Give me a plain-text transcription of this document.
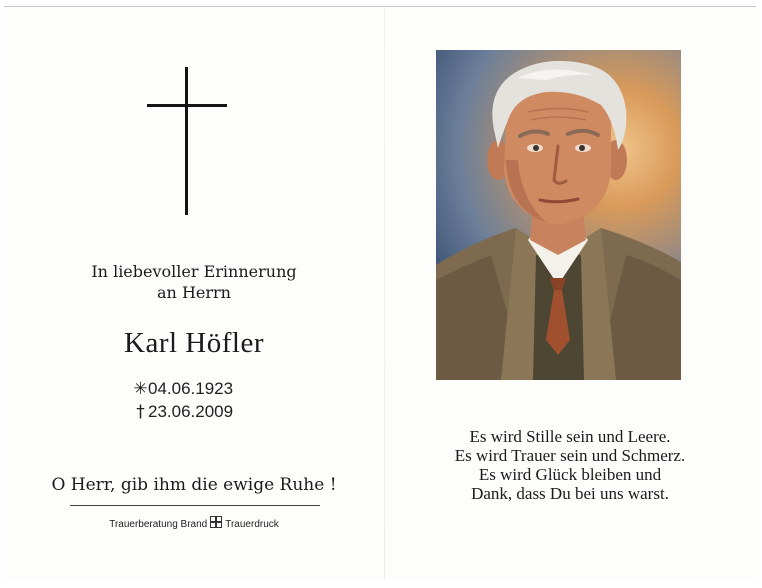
In liebevoller Erinnerung
an Herrn
Karl Höfler
✳04.06.1923
† 23.06.2009
O Herr, gib ihm die ewige Ruhe !
Trauerberatung Brand Trauerdruck
Es wird Stille sein und Leere.
Es wird Trauer sein und Schmerz.
Es wird Glück bleiben und
Dank, dass Du bei uns warst.
